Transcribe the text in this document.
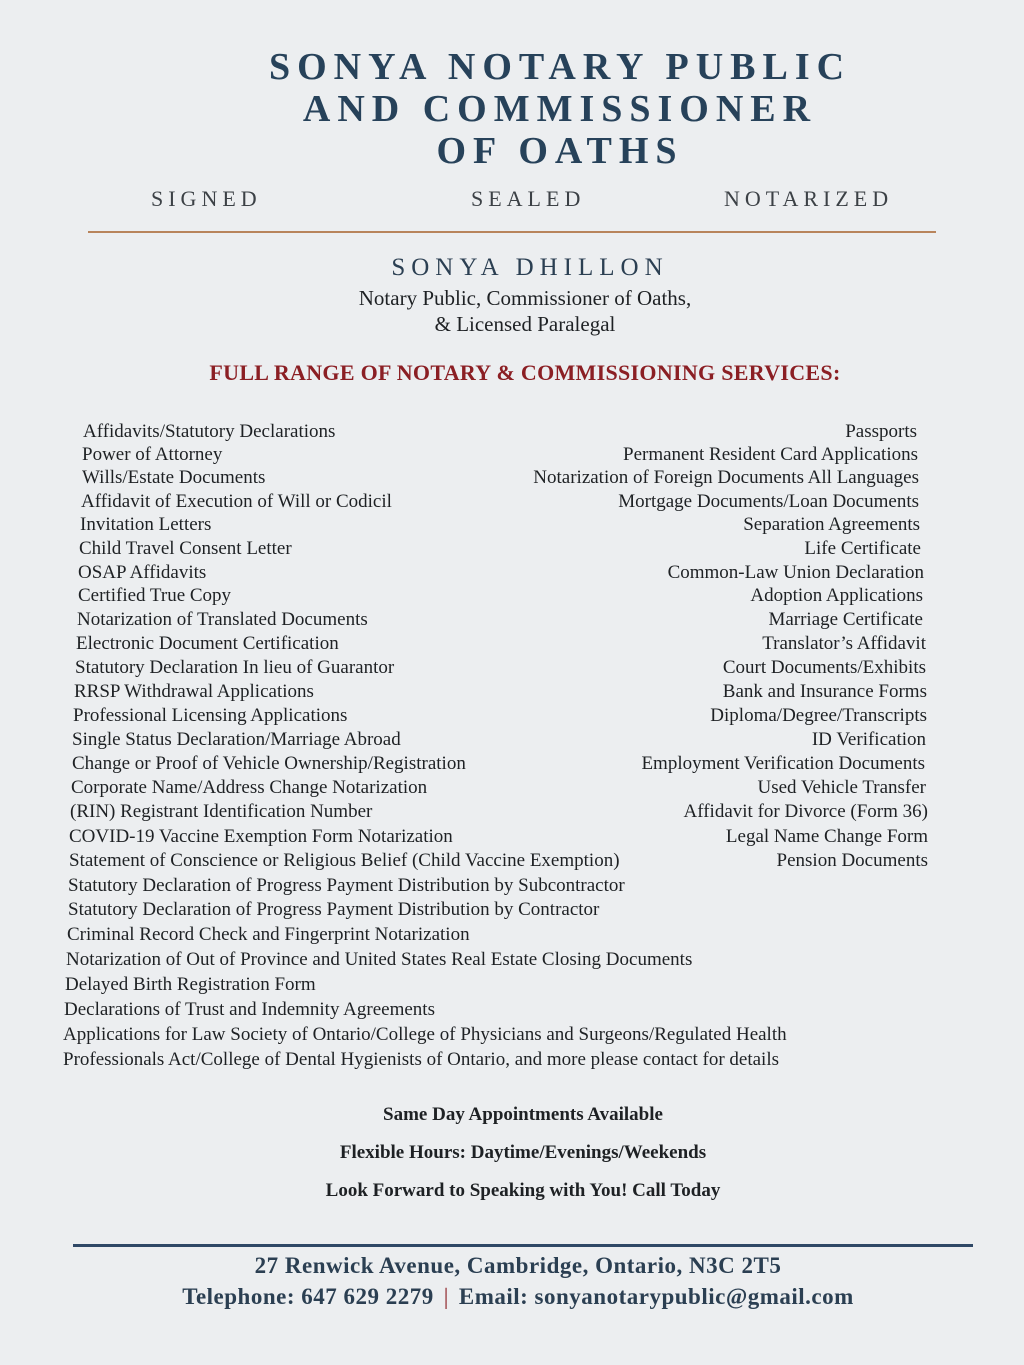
SONYA NOTARY PUBLIC
AND COMMISSIONER
OF OATHS
SIGNED	SEALED	NOTARIZED
SONYA DHILLON
Notary Public, Commissioner of Oaths,
& Licensed Paralegal
FULL RANGE OF NOTARY & COMMISSIONING SERVICES:
Affidavits/Statutory Declarations
Power of Attorney
Wills/Estate Documents
Affidavit of Execution of Will or Codicil
Invitation Letters
Child Travel Consent Letter
OSAP Affidavits
Certified True Copy
Notarization of Translated Documents
Electronic Document Certification
Statutory Declaration In lieu of Guarantor
RRSP Withdrawal Applications
Professional Licensing Applications
Single Status Declaration/Marriage Abroad
Change or Proof of Vehicle Ownership/Registration
Corporate Name/Address Change Notarization
(RIN) Registrant Identification Number
COVID-19 Vaccine Exemption Form Notarization
Statement of Conscience or Religious Belief (Child Vaccine Exemption)
Statutory Declaration of Progress Payment Distribution by Subcontractor
Statutory Declaration of Progress Payment Distribution by Contractor
Criminal Record Check and Fingerprint Notarization
Notarization of Out of Province and United States Real Estate Closing Documents
Delayed Birth Registration Form
Declarations of Trust and Indemnity Agreements
Applications for Law Society of Ontario/College of Physicians and Surgeons/Regulated Health
Professionals Act/College of Dental Hygienists of Ontario, and more please contact for details
Passports
Permanent Resident Card Applications
Notarization of Foreign Documents All Languages
Mortgage Documents/Loan Documents
Separation Agreements
Life Certificate
Common-Law Union Declaration
Adoption Applications
Marriage Certificate
Translator’s Affidavit
Court Documents/Exhibits
Bank and Insurance Forms
Diploma/Degree/Transcripts
ID Verification
Employment Verification Documents
Used Vehicle Transfer
Affidavit for Divorce (Form 36)
Legal Name Change Form
Pension Documents
Same Day Appointments Available
Flexible Hours: Daytime/Evenings/Weekends
Look Forward to Speaking with You! Call Today
27 Renwick Avenue, Cambridge, Ontario, N3C 2T5
Telephone: 647 629 2279 | Email: sonyanotarypublic@gmail.com
